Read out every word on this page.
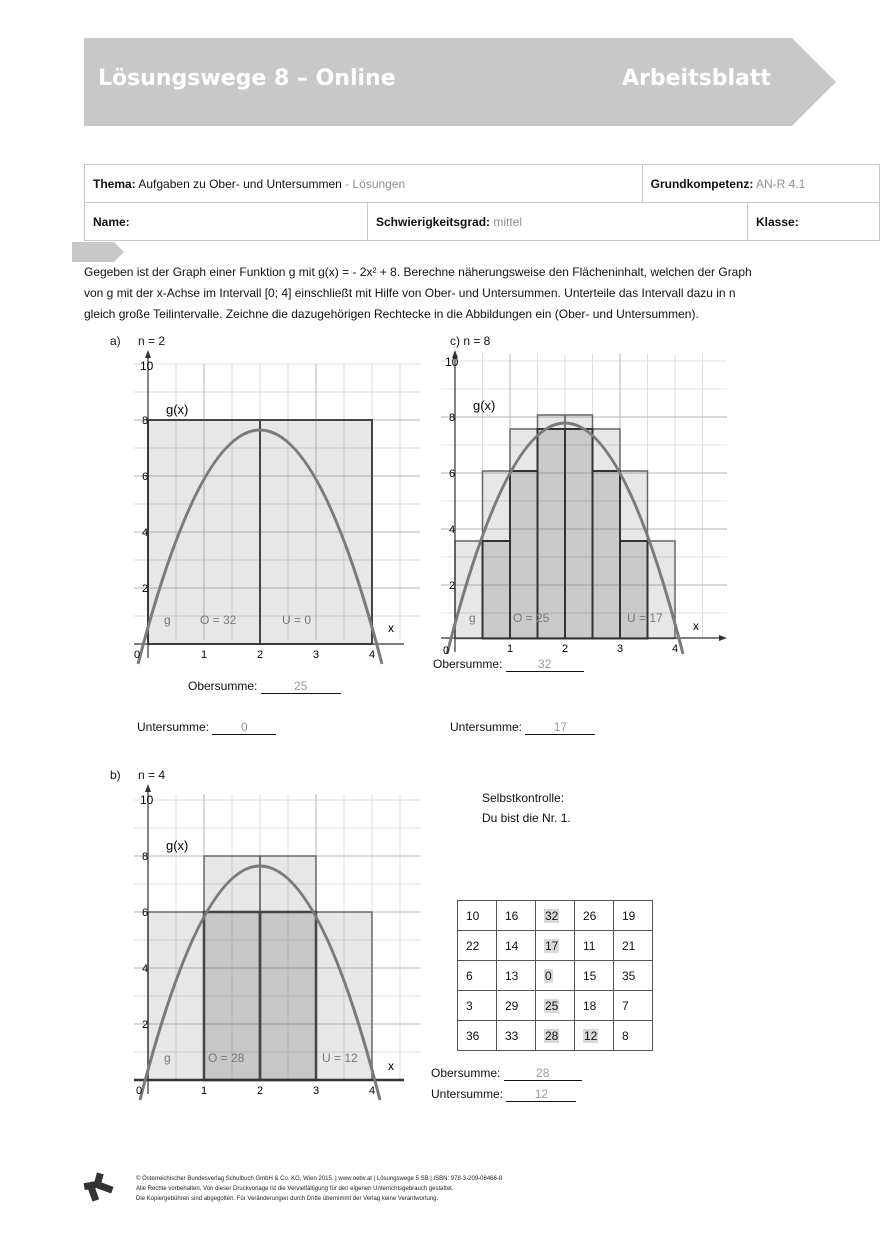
Lösungswege 8 – Online	Arbeitsblatt
Thema: Aufgaben zu Ober- und Untersummen - Lösungen		Grundkompetenz: AN-R 4.1	
Name:	Schwierigkeitsgrad: mittel		Klasse:
Gegeben ist der Graph einer Funktion g mit g(x) = - 2x² + 8. Berechne näherungsweise den Flächeninhalt, welchen der Graph
von g mit der x-Achse im Intervall [0; 4] einschließt mit Hilfe von Ober- und Untersummen. Unterteile das Intervall dazu in n
gleich große Teilintervalle. Zeichne die dazugehörigen Rechtecke in die Abbildungen ein (Ober- und Untersummen).
a) n = 2	c) n = 8
b) n = 4
10
8
6
4
2
0	1	2	3	4
g(x)
g O = 32	U = 0
x
10
8
6
4
2
0	1	2	3	4
g(x)
g	O = 25	U = 17
x
Obersumme:	25
Untersumme:	0
Obersumme:	32
Untersumme:	17
10
8
6
4
2
0	1	2	3	4
g(x)
g	O = 28	U = 12
x
Selbstkontrolle:
Du bist die Nr. 1.
10	16	32	26	19
22	14	17	11	21
6	13	0	15	35
3	29	25	18	7
36	33	28	12	8
Obersumme:	28
Untersumme:	12
© Österreichischer Bundesverlag Schulbuch GmbH & Co. KG, Wien 2015. | www.oebv.at | Lösungswege 5 SB | ISBN: 978-3-209-08466-8
Alle Rechte vorbehalten. Von dieser Druckvorlage ist die Vervielfältigung für den eigenen Unterrichtsgebrauch gestattet.
Die Kopiergebühren sind abgegolten. Für Veränderungen durch Dritte übernimmt der Verlag keine Verantwortung.
